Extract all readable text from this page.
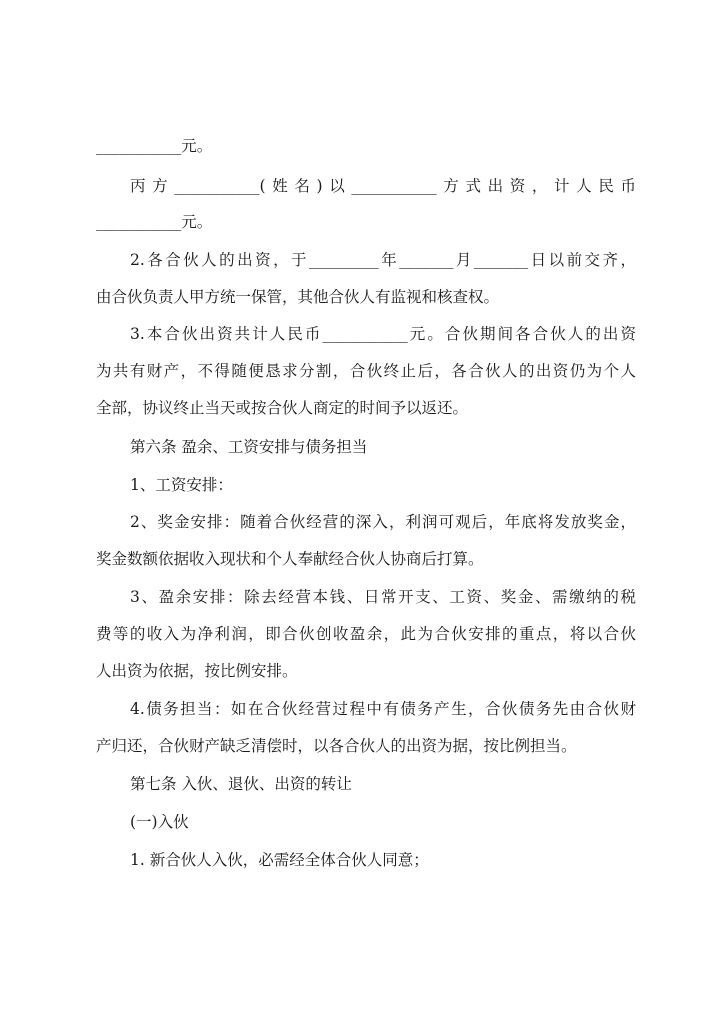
___________元。
丙方___________(姓名)以___________方式出资，计人民币
___________元。
2.各合伙人的出资，于_________年_______月_______日以前交齐，
由合伙负责人甲方统一保管，其他合伙人有监视和核查权。
3.本合伙出资共计人民币___________元。合伙期间各合伙人的出资
为共有财产，不得随便恳求分割，合伙终止后，各合伙人的出资仍为个人
全部，协议终止当天或按合伙人商定的时间予以返还。
第六条 盈余、工资安排与债务担当
1、工资安排：
2、奖金安排：随着合伙经营的深入，利润可观后，年底将发放奖金，
奖金数额依据收入现状和个人奉献经合伙人协商后打算。
3、盈余安排：除去经营本钱、日常开支、工资、奖金、需缴纳的税
费等的收入为净利润，即合伙创收盈余，此为合伙安排的重点，将以合伙
人出资为依据，按比例安排。
4.债务担当：如在合伙经营过程中有债务产生，合伙债务先由合伙财
产归还，合伙财产缺乏清偿时，以各合伙人的出资为据，按比例担当。
第七条 入伙、退伙、出资的转让
(一)入伙
1. 新合伙人入伙，必需经全体合伙人同意；
